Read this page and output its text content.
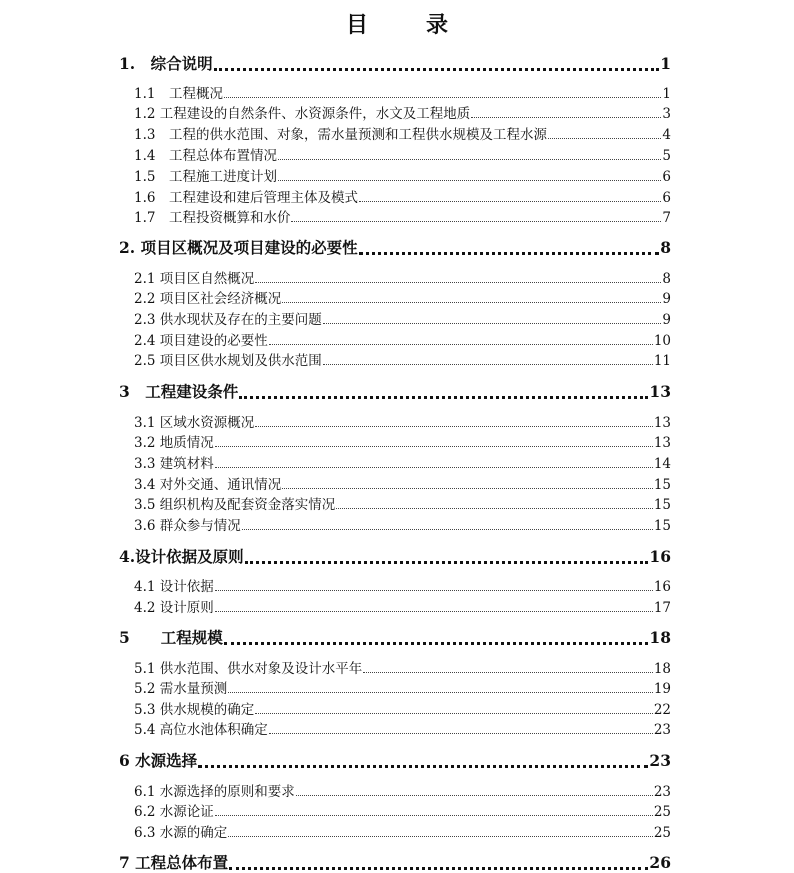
目　录
1.　综合说明	1
1.1　工程概况	1
1.2 工程建设的自然条件、水资源条件，水文及工程地质	3
1.3　工程的供水范围、对象，需水量预测和工程供水规模及工程水源	4
1.4　工程总体布置情况	5
1.5　工程施工进度计划	6
1.6　工程建设和建后管理主体及模式	6
1.7　工程投资概算和水价	7
2. 项目区概况及项目建设的必要性	8
2.1 项目区自然概况	8
2.2 项目区社会经济概况	9
2.3 供水现状及存在的主要问题	9
2.4 项目建设的必要性	10
2.5 项目区供水规划及供水范围	11
3　工程建设条件	13
3.1 区域水资源概况	13
3.2 地质情况	13
3.3 建筑材料	14
3.4 对外交通、通讯情况	15
3.5 组织机构及配套资金落实情况	15
3.6 群众参与情况	15
4.设计依据及原则	16
4.1 设计依据	16
4.2 设计原则	17
5　　工程规模	18
5.1 供水范围、供水对象及设计水平年	18
5.2 需水量预测	19
5.3 供水规模的确定	22
5.4 高位水池体积确定	23
6 水源选择	23
6.1 水源选择的原则和要求	23
6.2 水源论证	25
6.3 水源的确定	25
7 工程总体布置	26
